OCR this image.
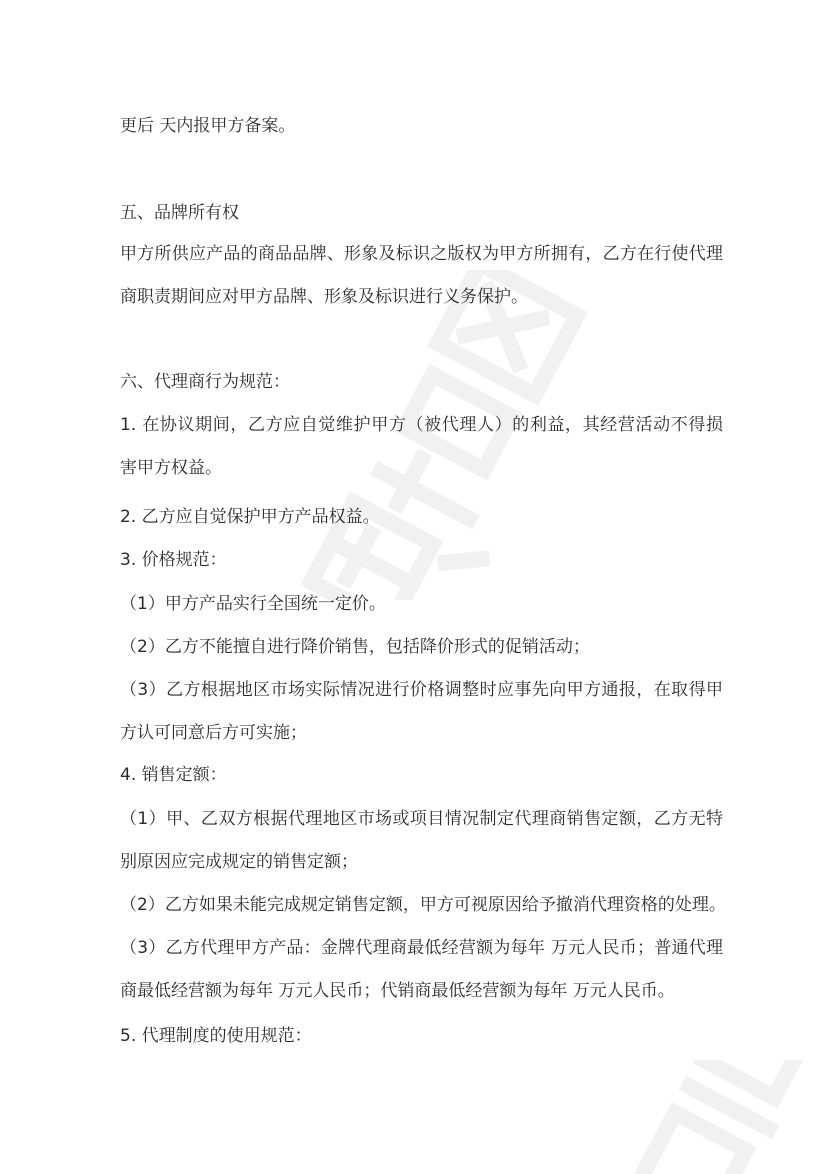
更后 天内报甲方备案。
五、品牌所有权
甲方所供应产品的商品品牌、形象及标识之版权为甲方所拥有，乙方在行使代理
商职责期间应对甲方品牌、形象及标识进行义务保护。
六、代理商行为规范：
1. 在协议期间，乙方应自觉维护甲方（被代理人）的利益，其经营活动不得损
害甲方权益。
2. 乙方应自觉保护甲方产品权益。
3. 价格规范：
（1）甲方产品实行全国统一定价。
（2）乙方不能擅自进行降价销售，包括降价形式的促销活动；
（3）乙方根据地区市场实际情况进行价格调整时应事先向甲方通报，在取得甲
方认可同意后方可实施；
4. 销售定额：
（1）甲、乙双方根据代理地区市场或项目情况制定代理商销售定额，乙方无特
别原因应完成规定的销售定额；
（2）乙方如果未能完成规定销售定额，甲方可视原因给予撤消代理资格的处理。
（3）乙方代理甲方产品：金牌代理商最低经营额为每年 万元人民币；普通代理
商最低经营额为每年 万元人民币；代销商最低经营额为每年 万元人民币。
5. 代理制度的使用规范：
